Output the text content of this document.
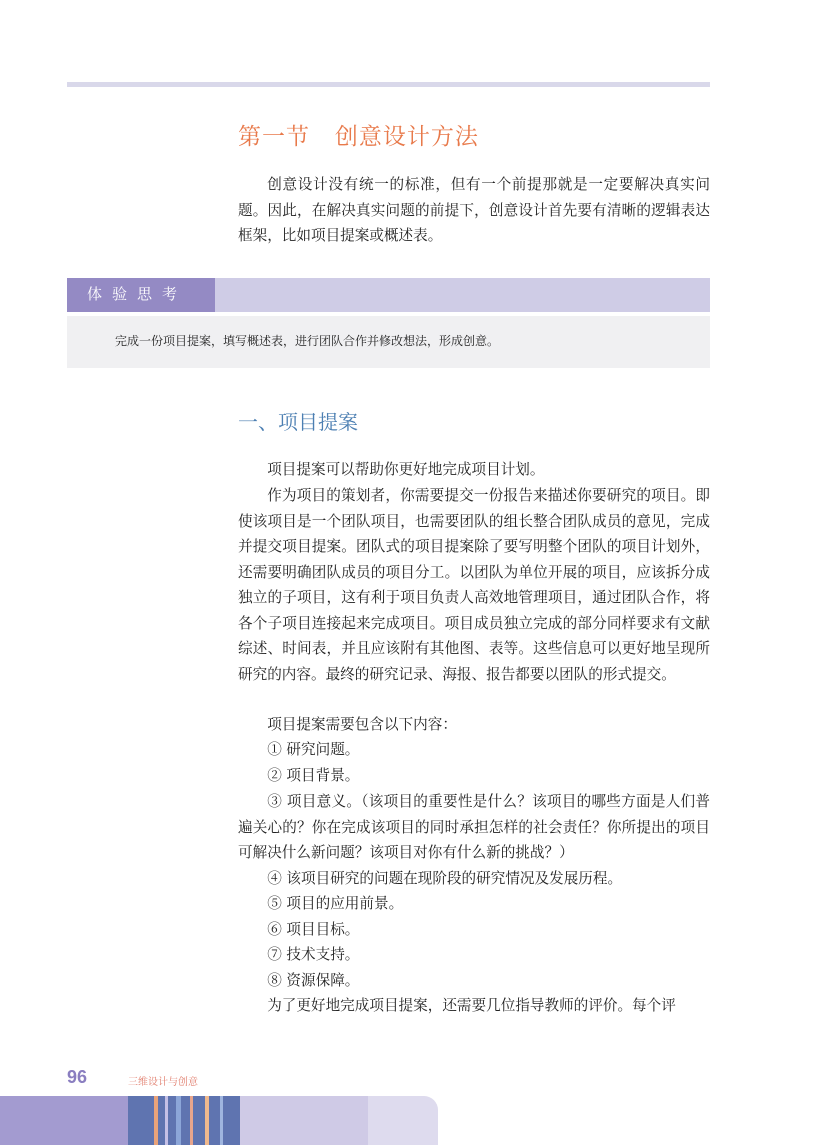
第一节   创意设计方法

创意设计没有统一的标准，但有一个前提那就是一定要解决真实问题。因此，在解决真实问题的前提下，创意设计首先要有清晰的逻辑表达框架，比如项目提案或概述表。

体验思考
完成一份项目提案，填写概述表，进行团队合作并修改想法，形成创意。
一、项目提案

项目提案可以帮助你更好地完成项目计划。

作为项目的策划者，你需要提交一份报告来描述你要研究的项目。即使该项目是一个团队项目，也需要团队的组长整合团队成员的意见，完成并提交项目提案。团队式的项目提案除了要写明整个团队的项目计划外，还需要明确团队成员的项目分工。以团队为单位开展的项目，应该拆分成独立的子项目，这有利于项目负责人高效地管理项目，通过团队合作，将各个子项目连接起来完成项目。项目成员独立完成的部分同样要求有文献综述、时间表，并且应该附有其他图、表等。这些信息可以更好地呈现所研究的内容。最终的研究记录、海报、报告都要以团队的形式提交。

项目提案需要包含以下内容：

① 研究问题。

② 项目背景。

③ 项目意义。（该项目的重要性是什么？该项目的哪些方面是人们普遍关心的？你在完成该项目的同时承担怎样的社会责任？你所提出的项目可解决什么新问题？该项目对你有什么新的挑战？）

④ 该项目研究的问题在现阶段的研究情况及发展历程。

⑤ 项目的应用前景。

⑥ 项目目标。

⑦ 技术支持。

⑧ 资源保障。

为了更好地完成项目提案，还需要几位指导教师的评价。每个评

96	三维设计与创意
